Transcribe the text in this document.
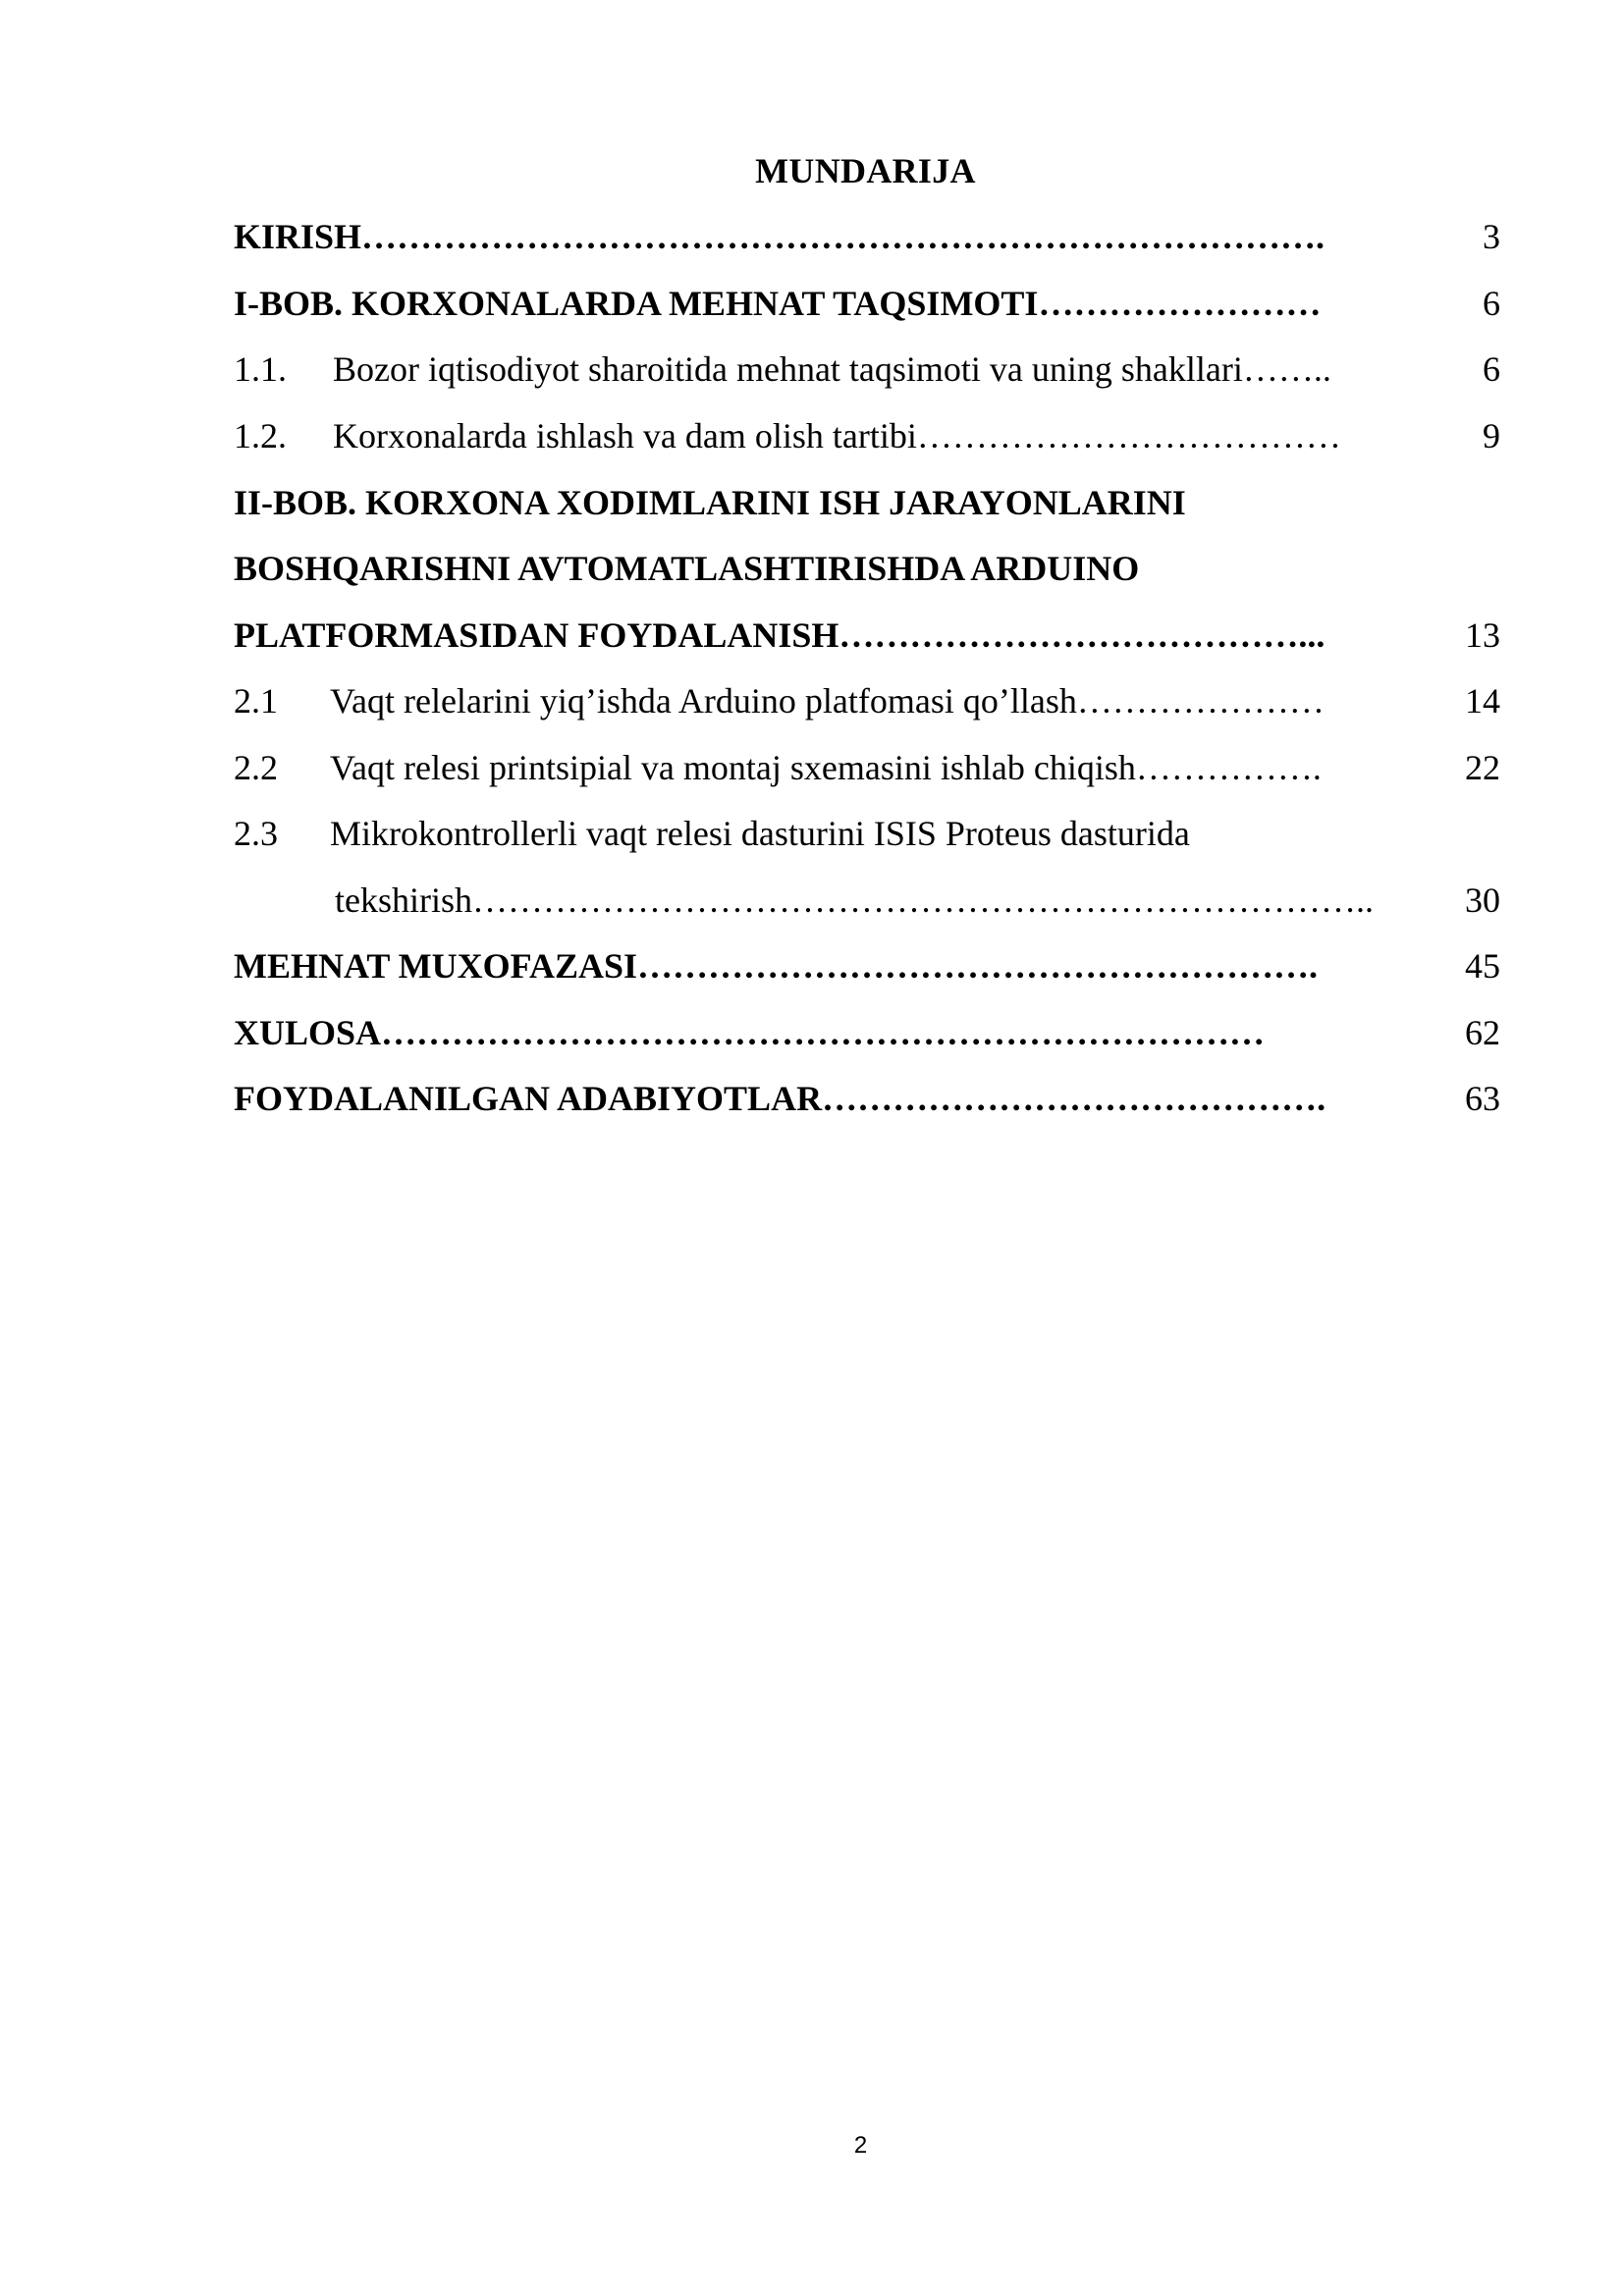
MUNDARIJA
KIRISH……………………………………………………………………….	3
I-BOB. KORXONALARDA MEHNAT TAQSIMOTI……………………	6
1.1. Bozor iqtisodiyot sharoitida mehnat taqsimoti va uning shakllari……..	6
1.2. Korxonalarda ishlash va dam olish tartibi………………………………	9
II-BOB. KORXONA XODIMLARINI ISH JARAYONLARINI
BOSHQARISHNI AVTOMATLASHTIRISHDA ARDUINO
PLATFORMASIDAN FOYDALANISH…………………………………...	13
2.1 Vaqt relelarini yiq’ishda Arduino platfomasi qo’llash…………………	14
2.2 Vaqt relesi printsipial va montaj sxemasini ishlab chiqish…………….	22
2.3 Mikrokontrollerli vaqt relesi dasturini ISIS Proteus dasturida
tekshirish…………………………………………………………………..	30
MEHNAT MUXOFAZASI………………………………………………….	45
XULOSA…………………………………………………………………	62
FOYDALANILGAN ADABIYOTLAR…………………………………….	63
2
